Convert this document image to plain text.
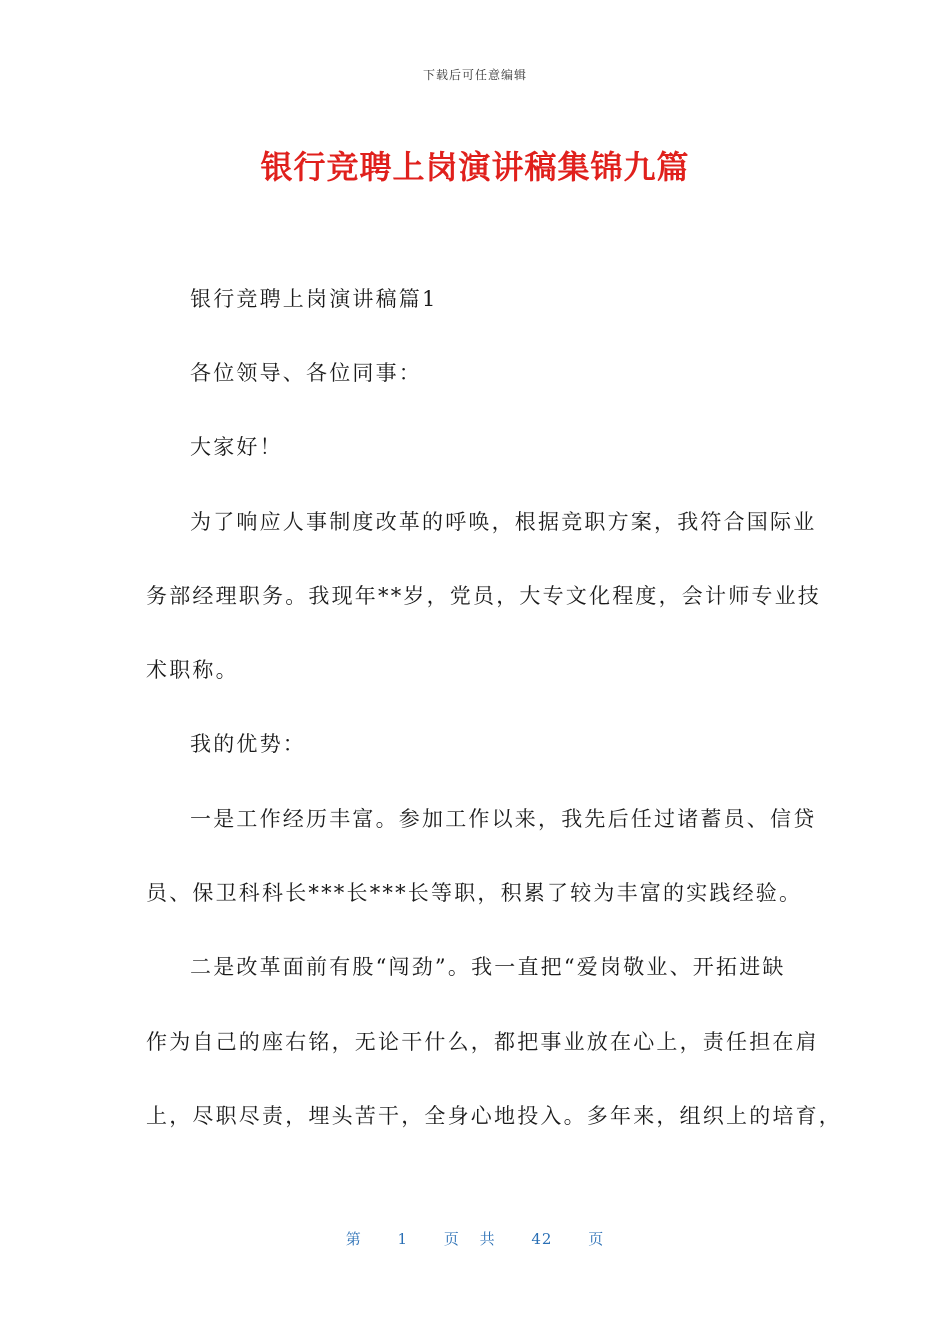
下载后可任意编辑
银行竞聘上岗演讲稿集锦九篇
银行竞聘上岗演讲稿篇1
各位领导、各位同事：
大家好！
为了响应人事制度改革的呼唤，根据竞职方案，我符合国际业
务部经理职务。我现年**岁，党员，大专文化程度，会计师专业技
术职称。
我的优势：
一是工作经历丰富。参加工作以来，我先后任过诸蓄员、信贷
员、保卫科科长***长***长等职，积累了较为丰富的实践经验。
二是改革面前有股“闯劲”。我一直把“爱岗敬业、开拓进缺
作为自己的座右铭，无论干什么，都把事业放在心上，责任担在肩
上，尽职尽责，埋头苦干，全身心地投入。多年来，组织上的培育，
第 1 页 共 42 页
